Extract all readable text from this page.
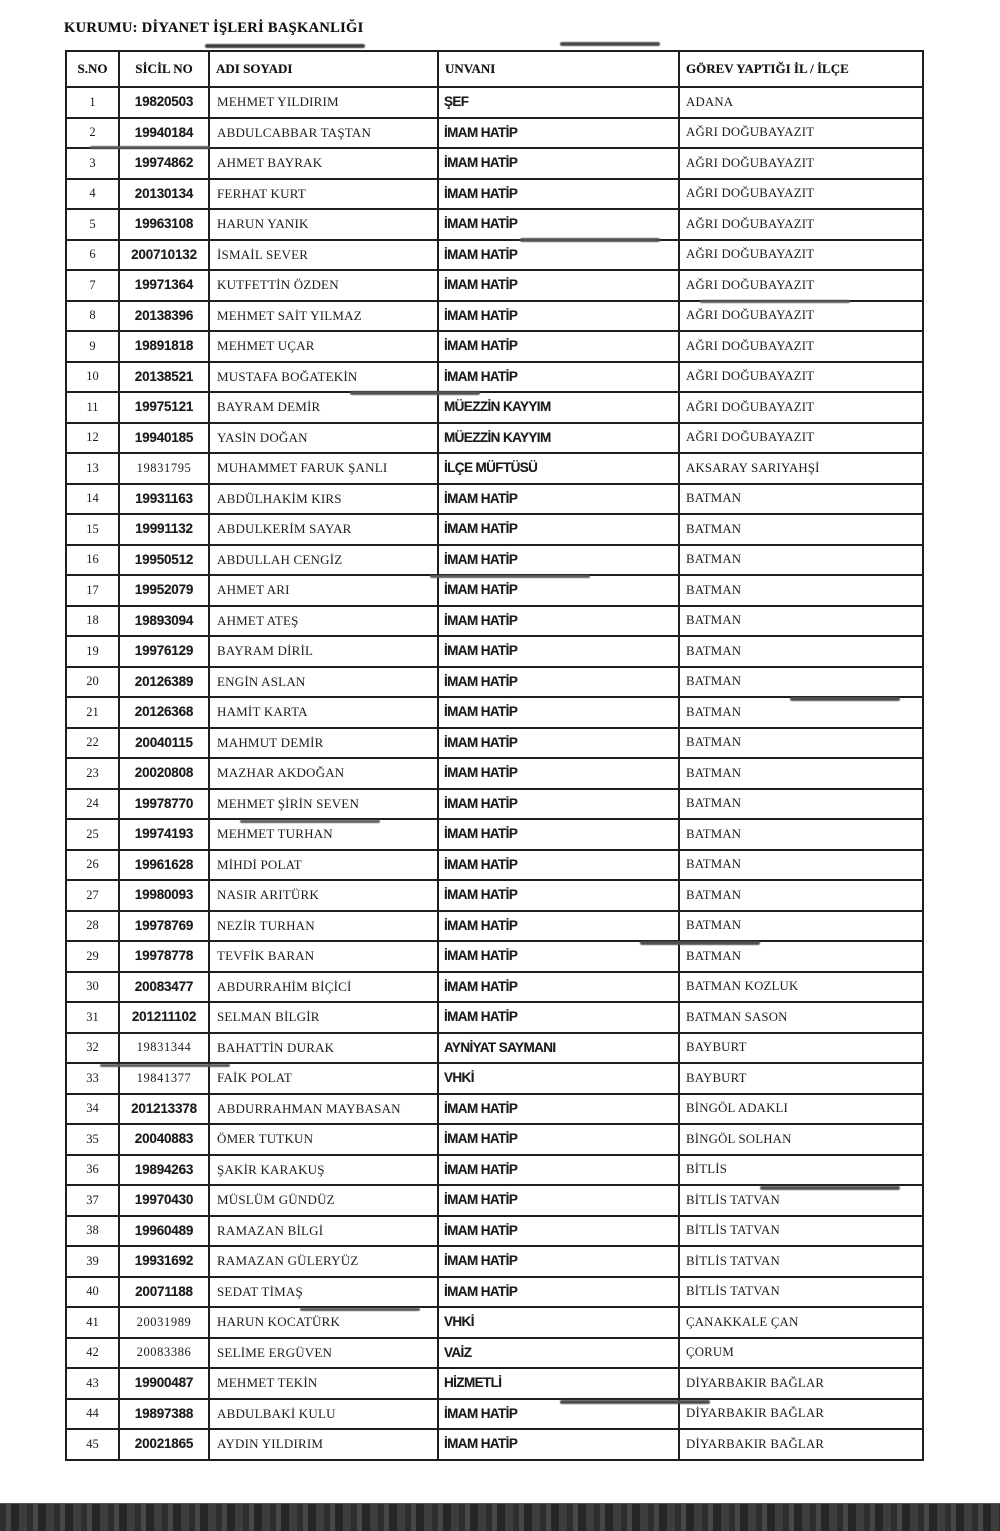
KURUMU: DİYANET İŞLERİ BAŞKANLIĞI
S.NO	SİCİL NO	ADI SOYADI	UNVANI	GÖREV YAPTIĞI İL / İLÇE
1	19820503	MEHMET YILDIRIM	ŞEF	ADANA
2	19940184	ABDULCABBAR TAŞTAN	İMAM HATİP	AĞRI DOĞUBAYAZIT
3	19974862	AHMET BAYRAK	İMAM HATİP	AĞRI DOĞUBAYAZIT
4	20130134	FERHAT KURT	İMAM HATİP	AĞRI DOĞUBAYAZIT
5	19963108	HARUN YANIK	İMAM HATİP	AĞRI DOĞUBAYAZIT
6	200710132	İSMAİL SEVER	İMAM HATİP	AĞRI DOĞUBAYAZIT
7	19971364	KUTFETTİN ÖZDEN	İMAM HATİP	AĞRI DOĞUBAYAZIT
8	20138396	MEHMET SAİT YILMAZ	İMAM HATİP	AĞRI DOĞUBAYAZIT
9	19891818	MEHMET UÇAR	İMAM HATİP	AĞRI DOĞUBAYAZIT
10	20138521	MUSTAFA BOĞATEKİN	İMAM HATİP	AĞRI DOĞUBAYAZIT
11	19975121	BAYRAM DEMİR	MÜEZZİN KAYYIM	AĞRI DOĞUBAYAZIT
12	19940185	YASİN DOĞAN	MÜEZZİN KAYYIM	AĞRI DOĞUBAYAZIT
13	19831795	MUHAMMET FARUK ŞANLI	İLÇE MÜFTÜSÜ	AKSARAY SARIYAHŞİ
14	19931163	ABDÜLHAKİM KIRS	İMAM HATİP	BATMAN
15	19991132	ABDULKERİM SAYAR	İMAM HATİP	BATMAN
16	19950512	ABDULLAH CENGİZ	İMAM HATİP	BATMAN
17	19952079	AHMET ARI	İMAM HATİP	BATMAN
18	19893094	AHMET ATEŞ	İMAM HATİP	BATMAN
19	19976129	BAYRAM DİRİL	İMAM HATİP	BATMAN
20	20126389	ENGİN ASLAN	İMAM HATİP	BATMAN
21	20126368	HAMİT KARTA	İMAM HATİP	BATMAN
22	20040115	MAHMUT DEMİR	İMAM HATİP	BATMAN
23	20020808	MAZHAR AKDOĞAN	İMAM HATİP	BATMAN
24	19978770	MEHMET ŞİRİN SEVEN	İMAM HATİP	BATMAN
25	19974193	MEHMET TURHAN	İMAM HATİP	BATMAN
26	19961628	MİHDİ POLAT	İMAM HATİP	BATMAN
27	19980093	NASIR ARITÜRK	İMAM HATİP	BATMAN
28	19978769	NEZİR TURHAN	İMAM HATİP	BATMAN
29	19978778	TEVFİK BARAN	İMAM HATİP	BATMAN
30	20083477	ABDURRAHİM BİÇİCİ	İMAM HATİP	BATMAN KOZLUK
31	201211102	SELMAN BİLGİR	İMAM HATİP	BATMAN SASON
32	19831344	BAHATTİN DURAK	AYNİYAT SAYMANI	BAYBURT
33	19841377	FAİK POLAT	VHKİ	BAYBURT
34	201213378	ABDURRAHMAN MAYBASAN	İMAM HATİP	BİNGÖL ADAKLI
35	20040883	ÖMER TUTKUN	İMAM HATİP	BİNGÖL SOLHAN
36	19894263	ŞAKİR KARAKUŞ	İMAM HATİP	BİTLİS
37	19970430	MÜSLÜM GÜNDÜZ	İMAM HATİP	BİTLİS TATVAN
38	19960489	RAMAZAN BİLGİ	İMAM HATİP	BİTLİS TATVAN
39	19931692	RAMAZAN GÜLERYÜZ	İMAM HATİP	BİTLİS TATVAN
40	20071188	SEDAT TİMAŞ	İMAM HATİP	BİTLİS TATVAN
41	20031989	HARUN KOCATÜRK	VHKİ	ÇANAKKALE ÇAN
42	20083386	SELİME ERGÜVEN	VAİZ	ÇORUM
43	19900487	MEHMET TEKİN	HİZMETLİ	DİYARBAKIR BAĞLAR
44	19897388	ABDULBAKİ KULU	İMAM HATİP	DİYARBAKIR BAĞLAR
45	20021865	AYDIN YILDIRIM	İMAM HATİP	DİYARBAKIR BAĞLAR
